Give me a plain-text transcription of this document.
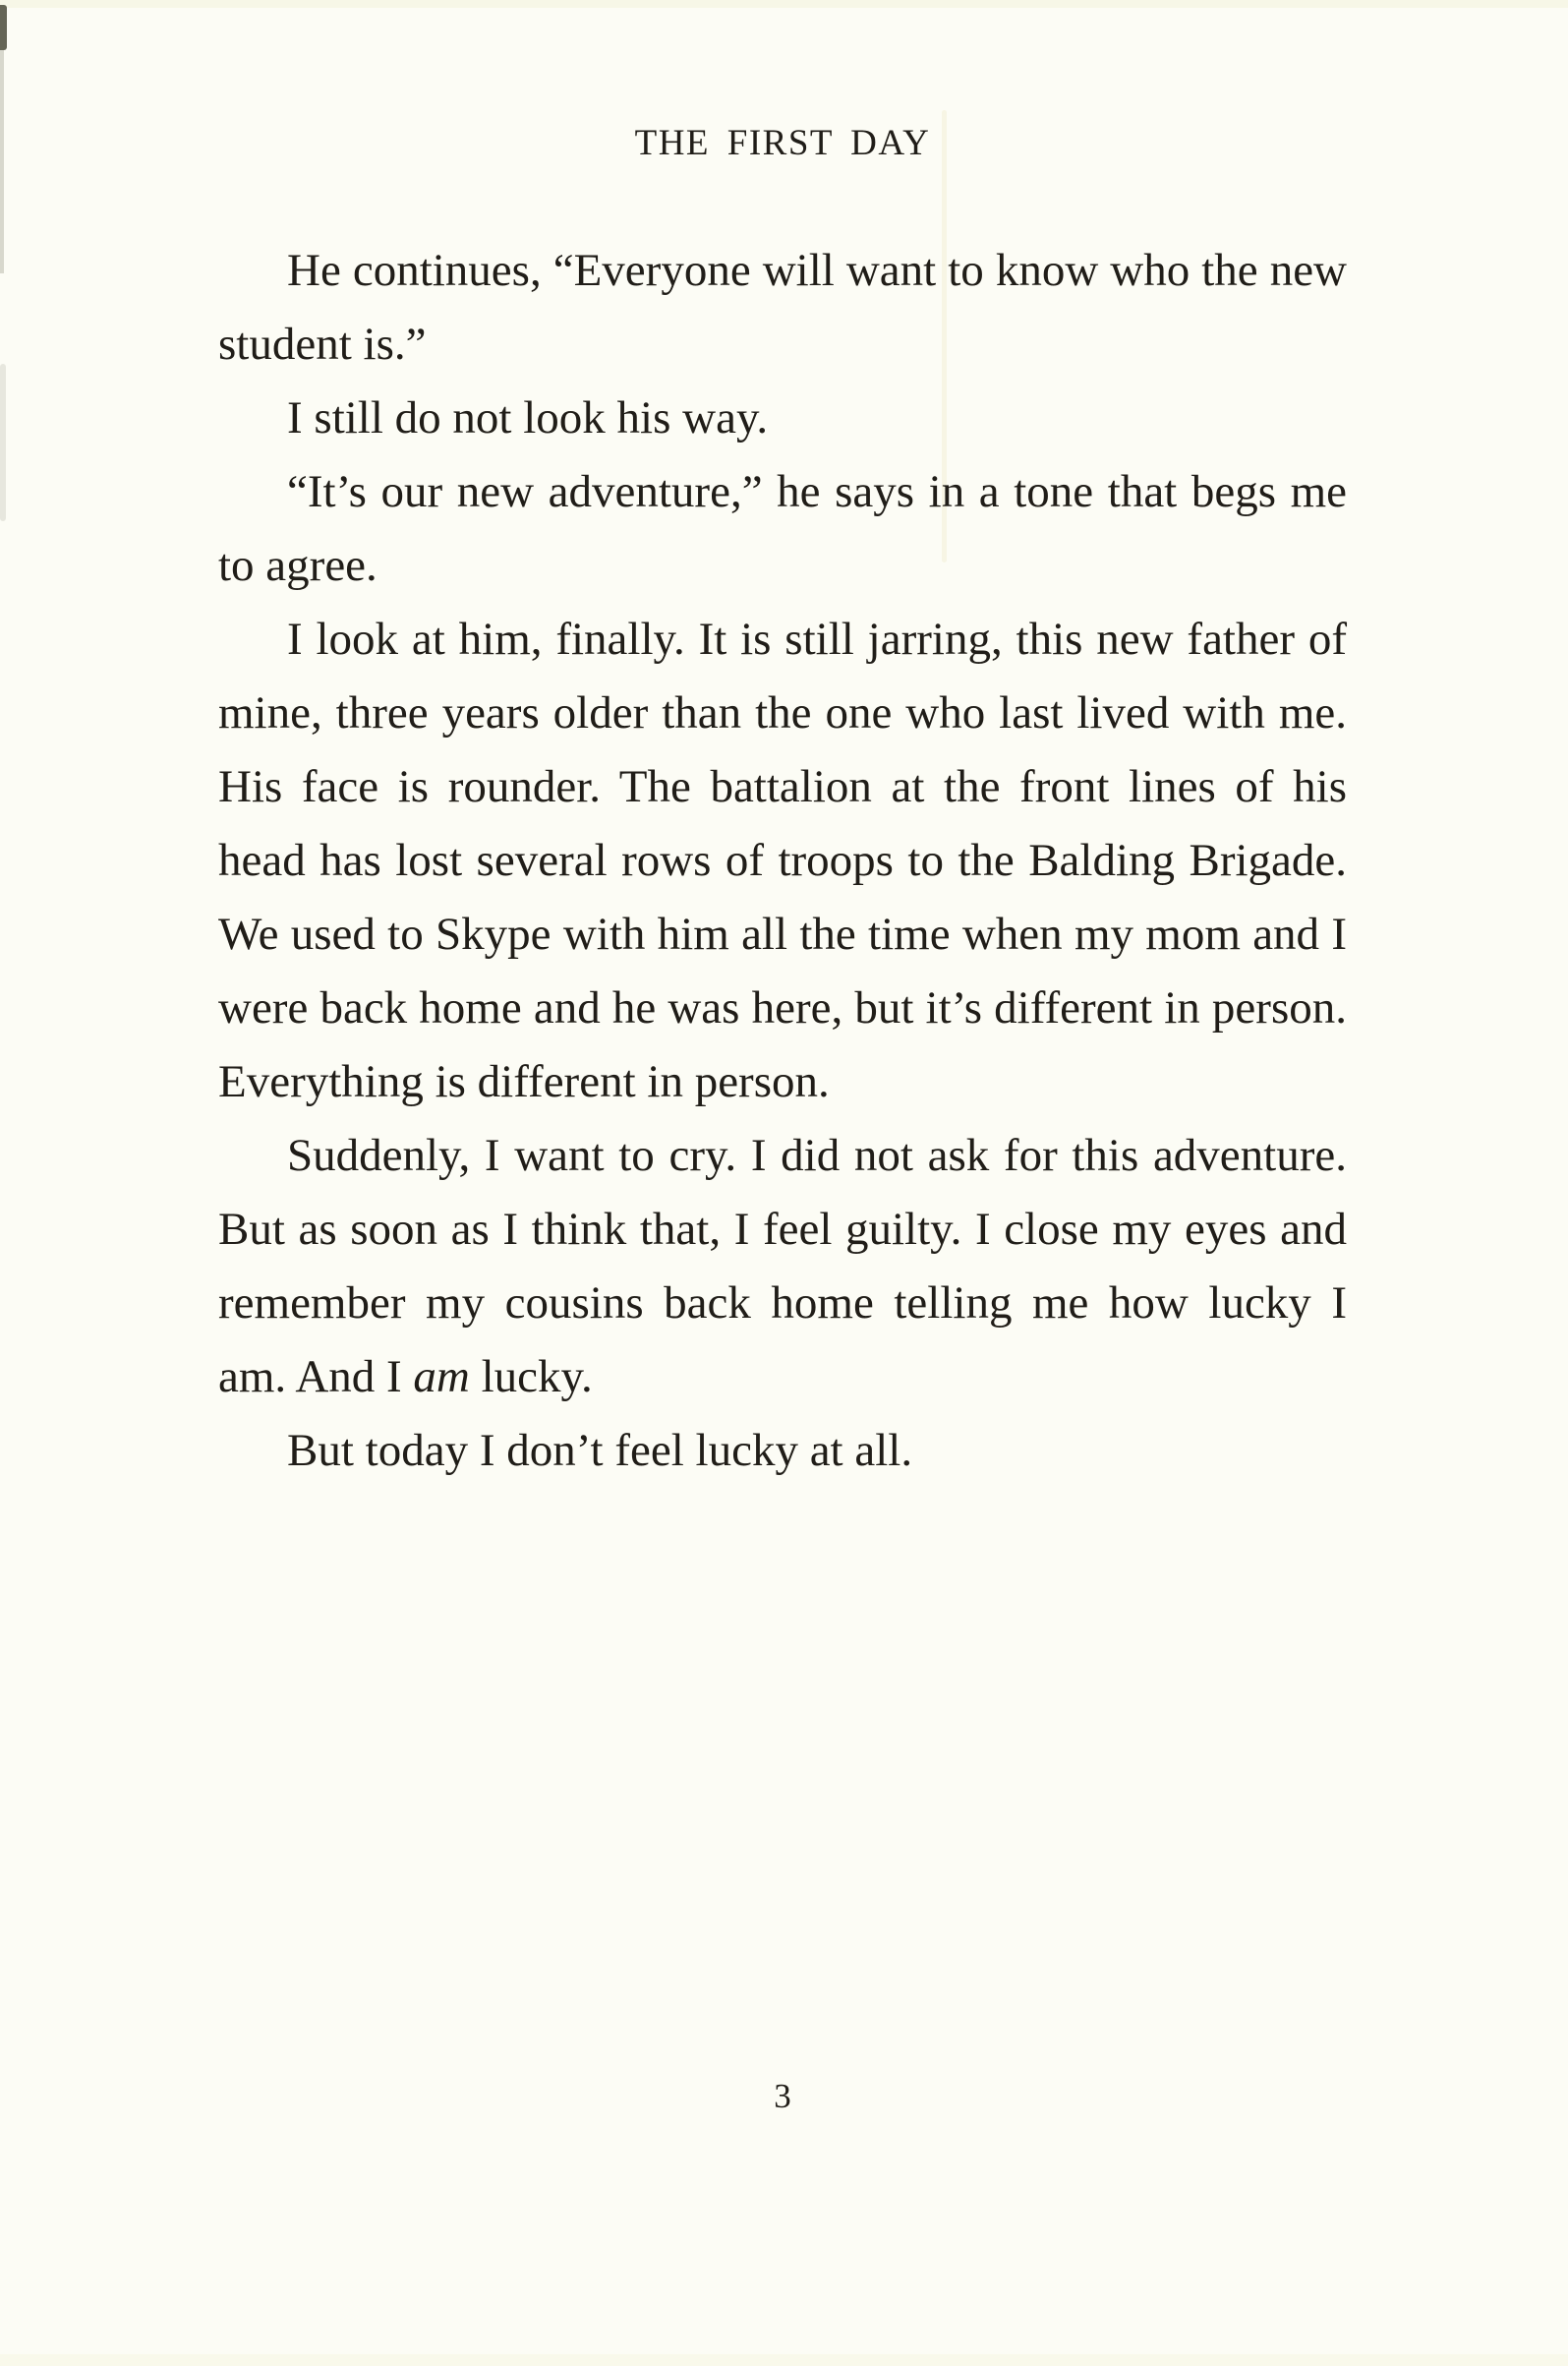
THE FIRST DAY

He continues, “Everyone will want to know who the new student is.”

I still do not look his way.

“It’s our new adventure,” he says in a tone that begs me to agree.

I look at him, finally. It is still jarring, this new father of mine, three years older than the one who last lived with me. His face is rounder. The battalion at the front lines of his head has lost several rows of troops to the Balding Brigade. We used to Skype with him all the time when my mom and I were back home and he was here, but it’s different in person. Everything is different in person.

Suddenly, I want to cry. I did not ask for this adventure. But as soon as I think that, I feel guilty. I close my eyes and remember my cousins back home telling me how lucky I am. And I am lucky.

But today I don’t feel lucky at all.

3
